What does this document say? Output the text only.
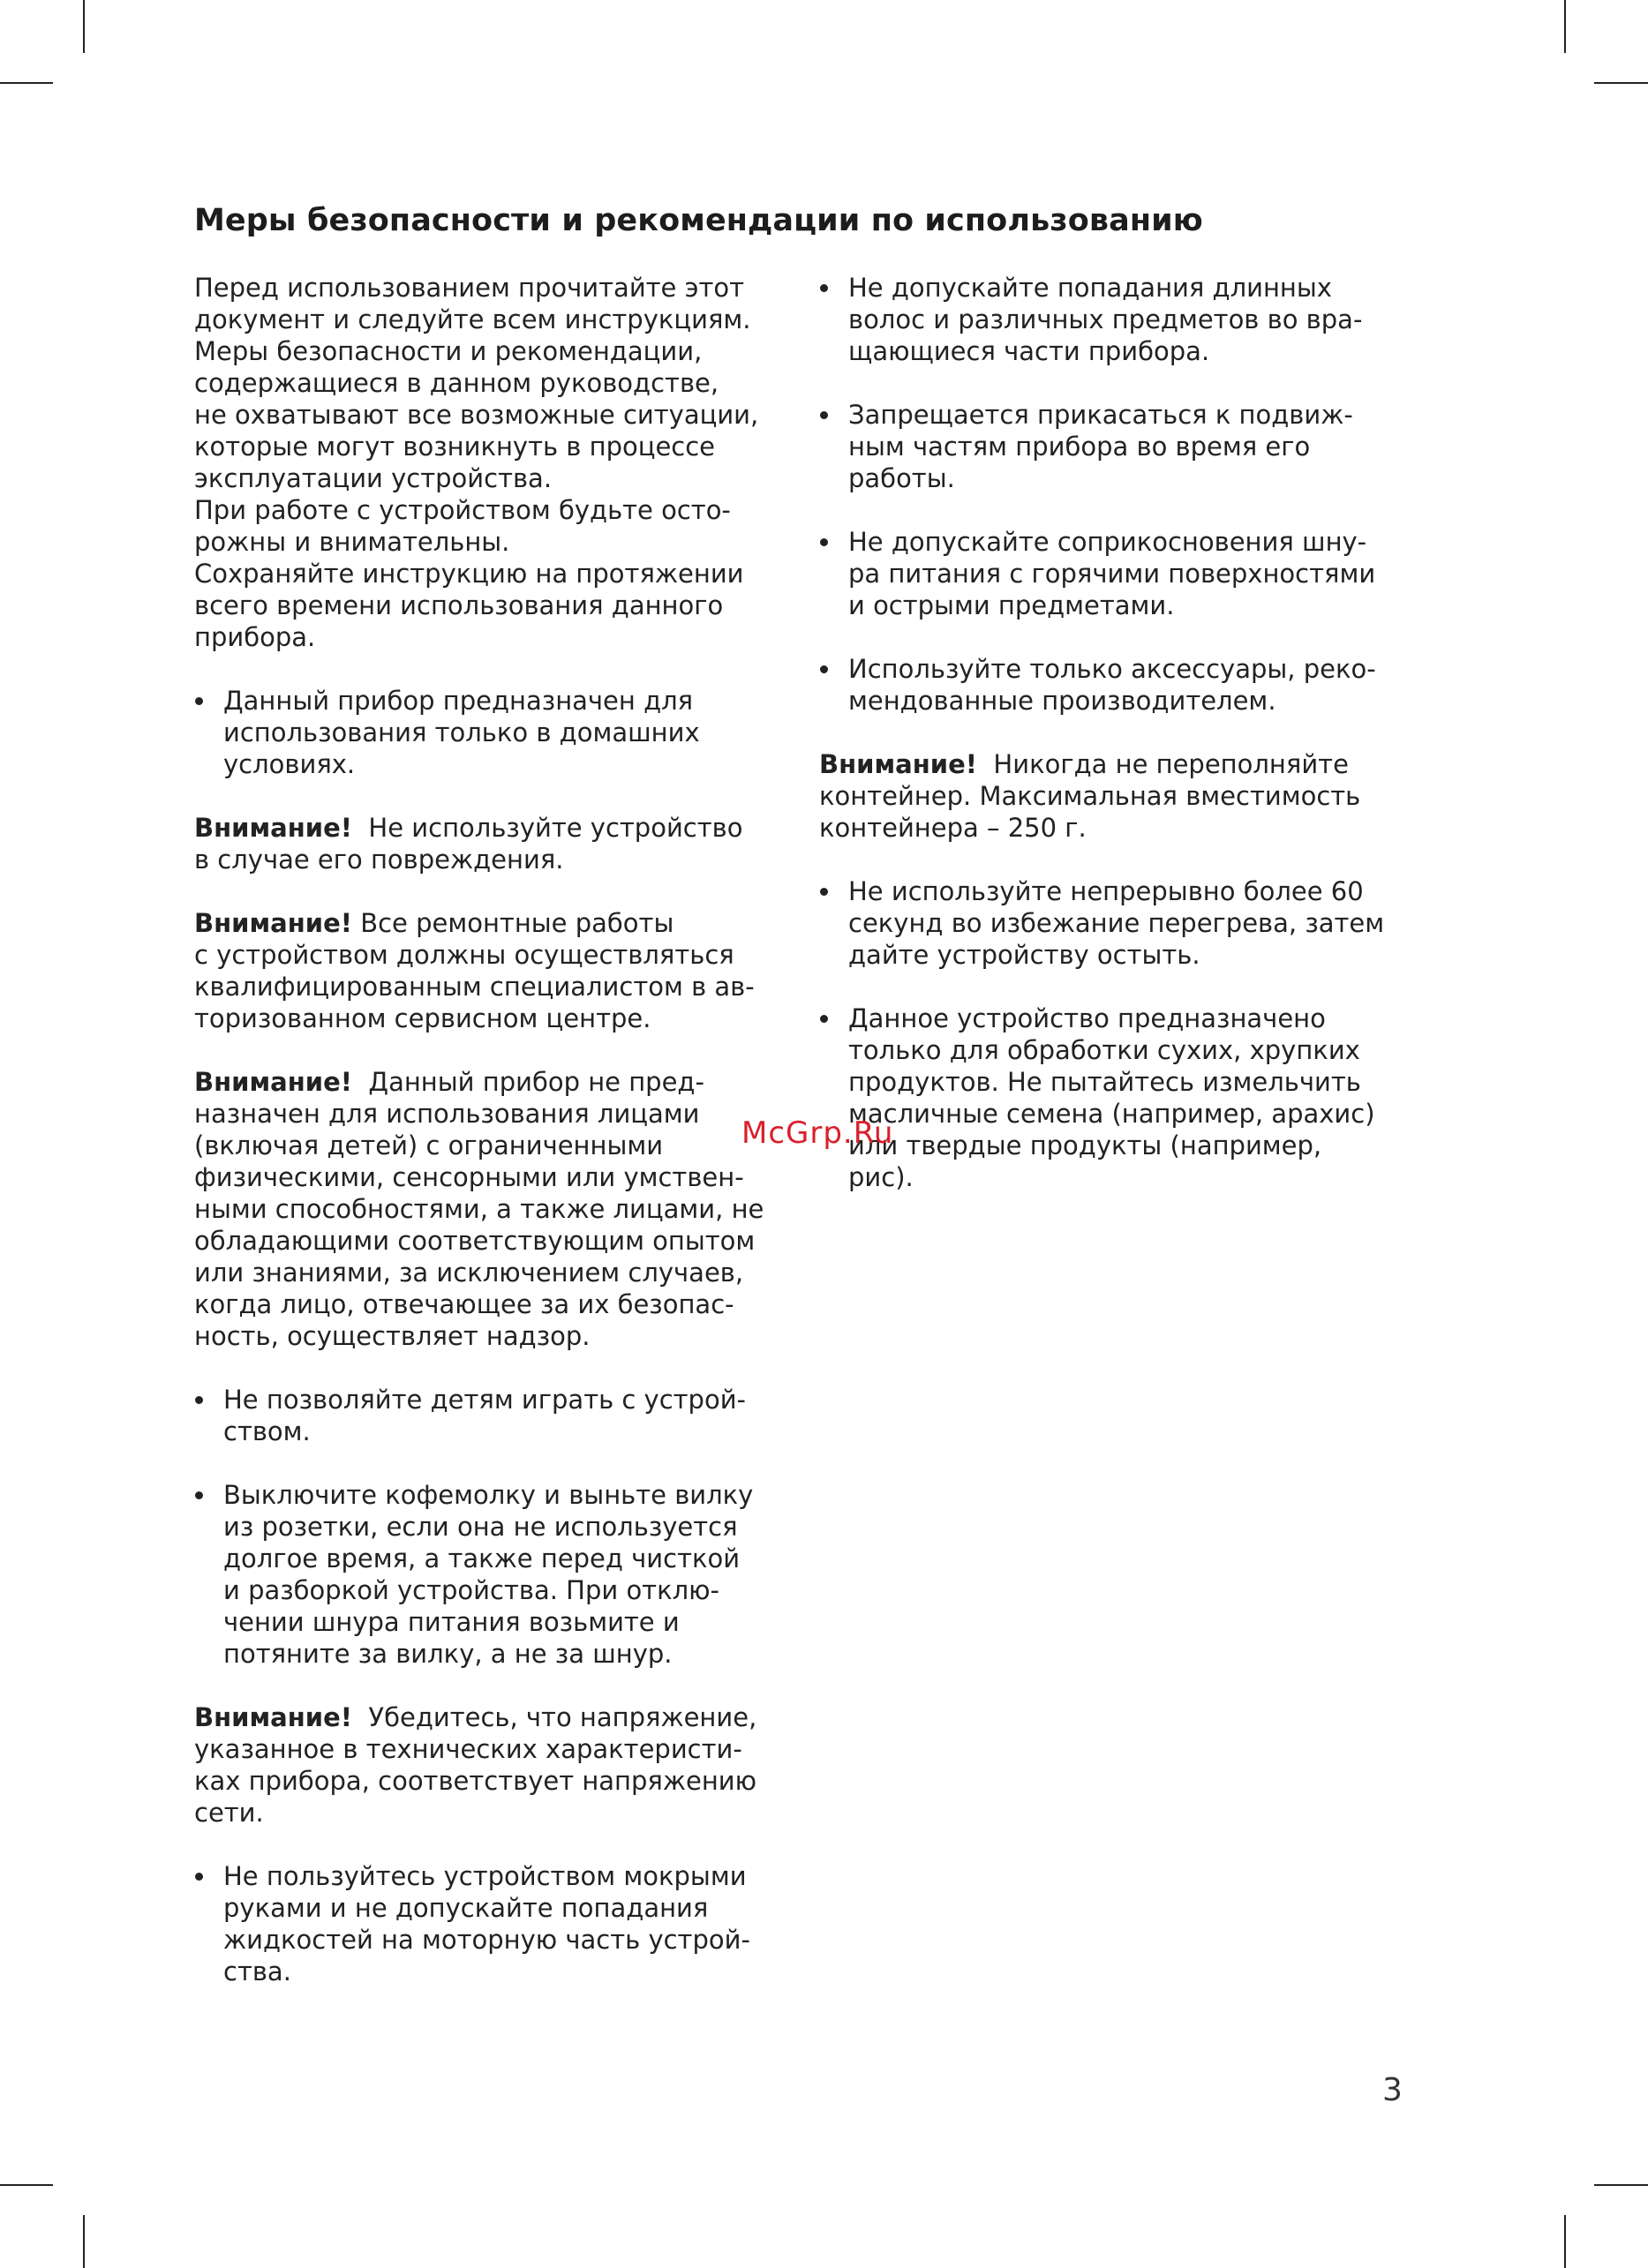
Меры безопасности и рекомендации по использованию
Перед использованием прочитайте этот
документ и следуйте всем инструкциям.
Меры безопасности и рекомендации,
содержащиеся в данном руководстве,
не охватывают все возможные ситуации,
которые могут возникнуть в процессе
эксплуатации устройства.
При работе с устройством будьте осто-
рожны и внимательны.
Сохраняйте инструкцию на протяжении
всего времени использования данного
прибора.
Данный прибор предназначен для
использования только в домашних
условиях.
Внимание!  Не используйте устройство
в случае его повреждения.
Внимание! Все ремонтные работы
с устройством должны осуществляться
квалифицированным специалистом в ав-
торизованном сервисном центре.
Внимание!  Данный прибор не пред-
назначен для использования лицами
(включая детей) с ограниченными
физическими, сенсорными или умствен-
ными способностями, а также лицами, не
обладающими соответствующим опытом
или знаниями, за исключением случаев,
когда лицо, отвечающее за их безопас-
ность, осуществляет надзор.
Не позволяйте детям играть с устрой-
ством.
Выключите кофемолку и выньте вилку
из розетки, если она не используется
долгое время, а также перед чисткой
и разборкой устройства. При отклю-
чении шнура питания возьмите и
потяните за вилку, а не за шнур.
Внимание!  Убедитесь, что напряжение,
указанное в технических характеристи-
ках прибора, соответствует напряжению
сети.
Не пользуйтесь устройством мокрыми
руками и не допускайте попадания
жидкостей на моторную часть устрой-
ства.
Не допускайте попадания длинных
волос и различных предметов во вра-
щающиеся части прибора.
Запрещается прикасаться к подвиж-
ным частям прибора во время его
работы.
Не допускайте соприкосновения шну-
ра питания с горячими поверхностями
и острыми предметами.
Используйте только аксессуары, реко-
мендованные производителем.
Внимание!  Никогда не переполняйте
контейнер. Максимальная вместимость
контейнера – 250 г.
Не используйте непрерывно более 60
секунд во избежание перегрева, затем
дайте устройству остыть.
Данное устройство предназначено
только для обработки сухих, хрупких
продуктов. Не пытайтесь измельчить
масличные семена (например, арахис)
или твердые продукты (например,
рис).
McGrp.Ru
3
